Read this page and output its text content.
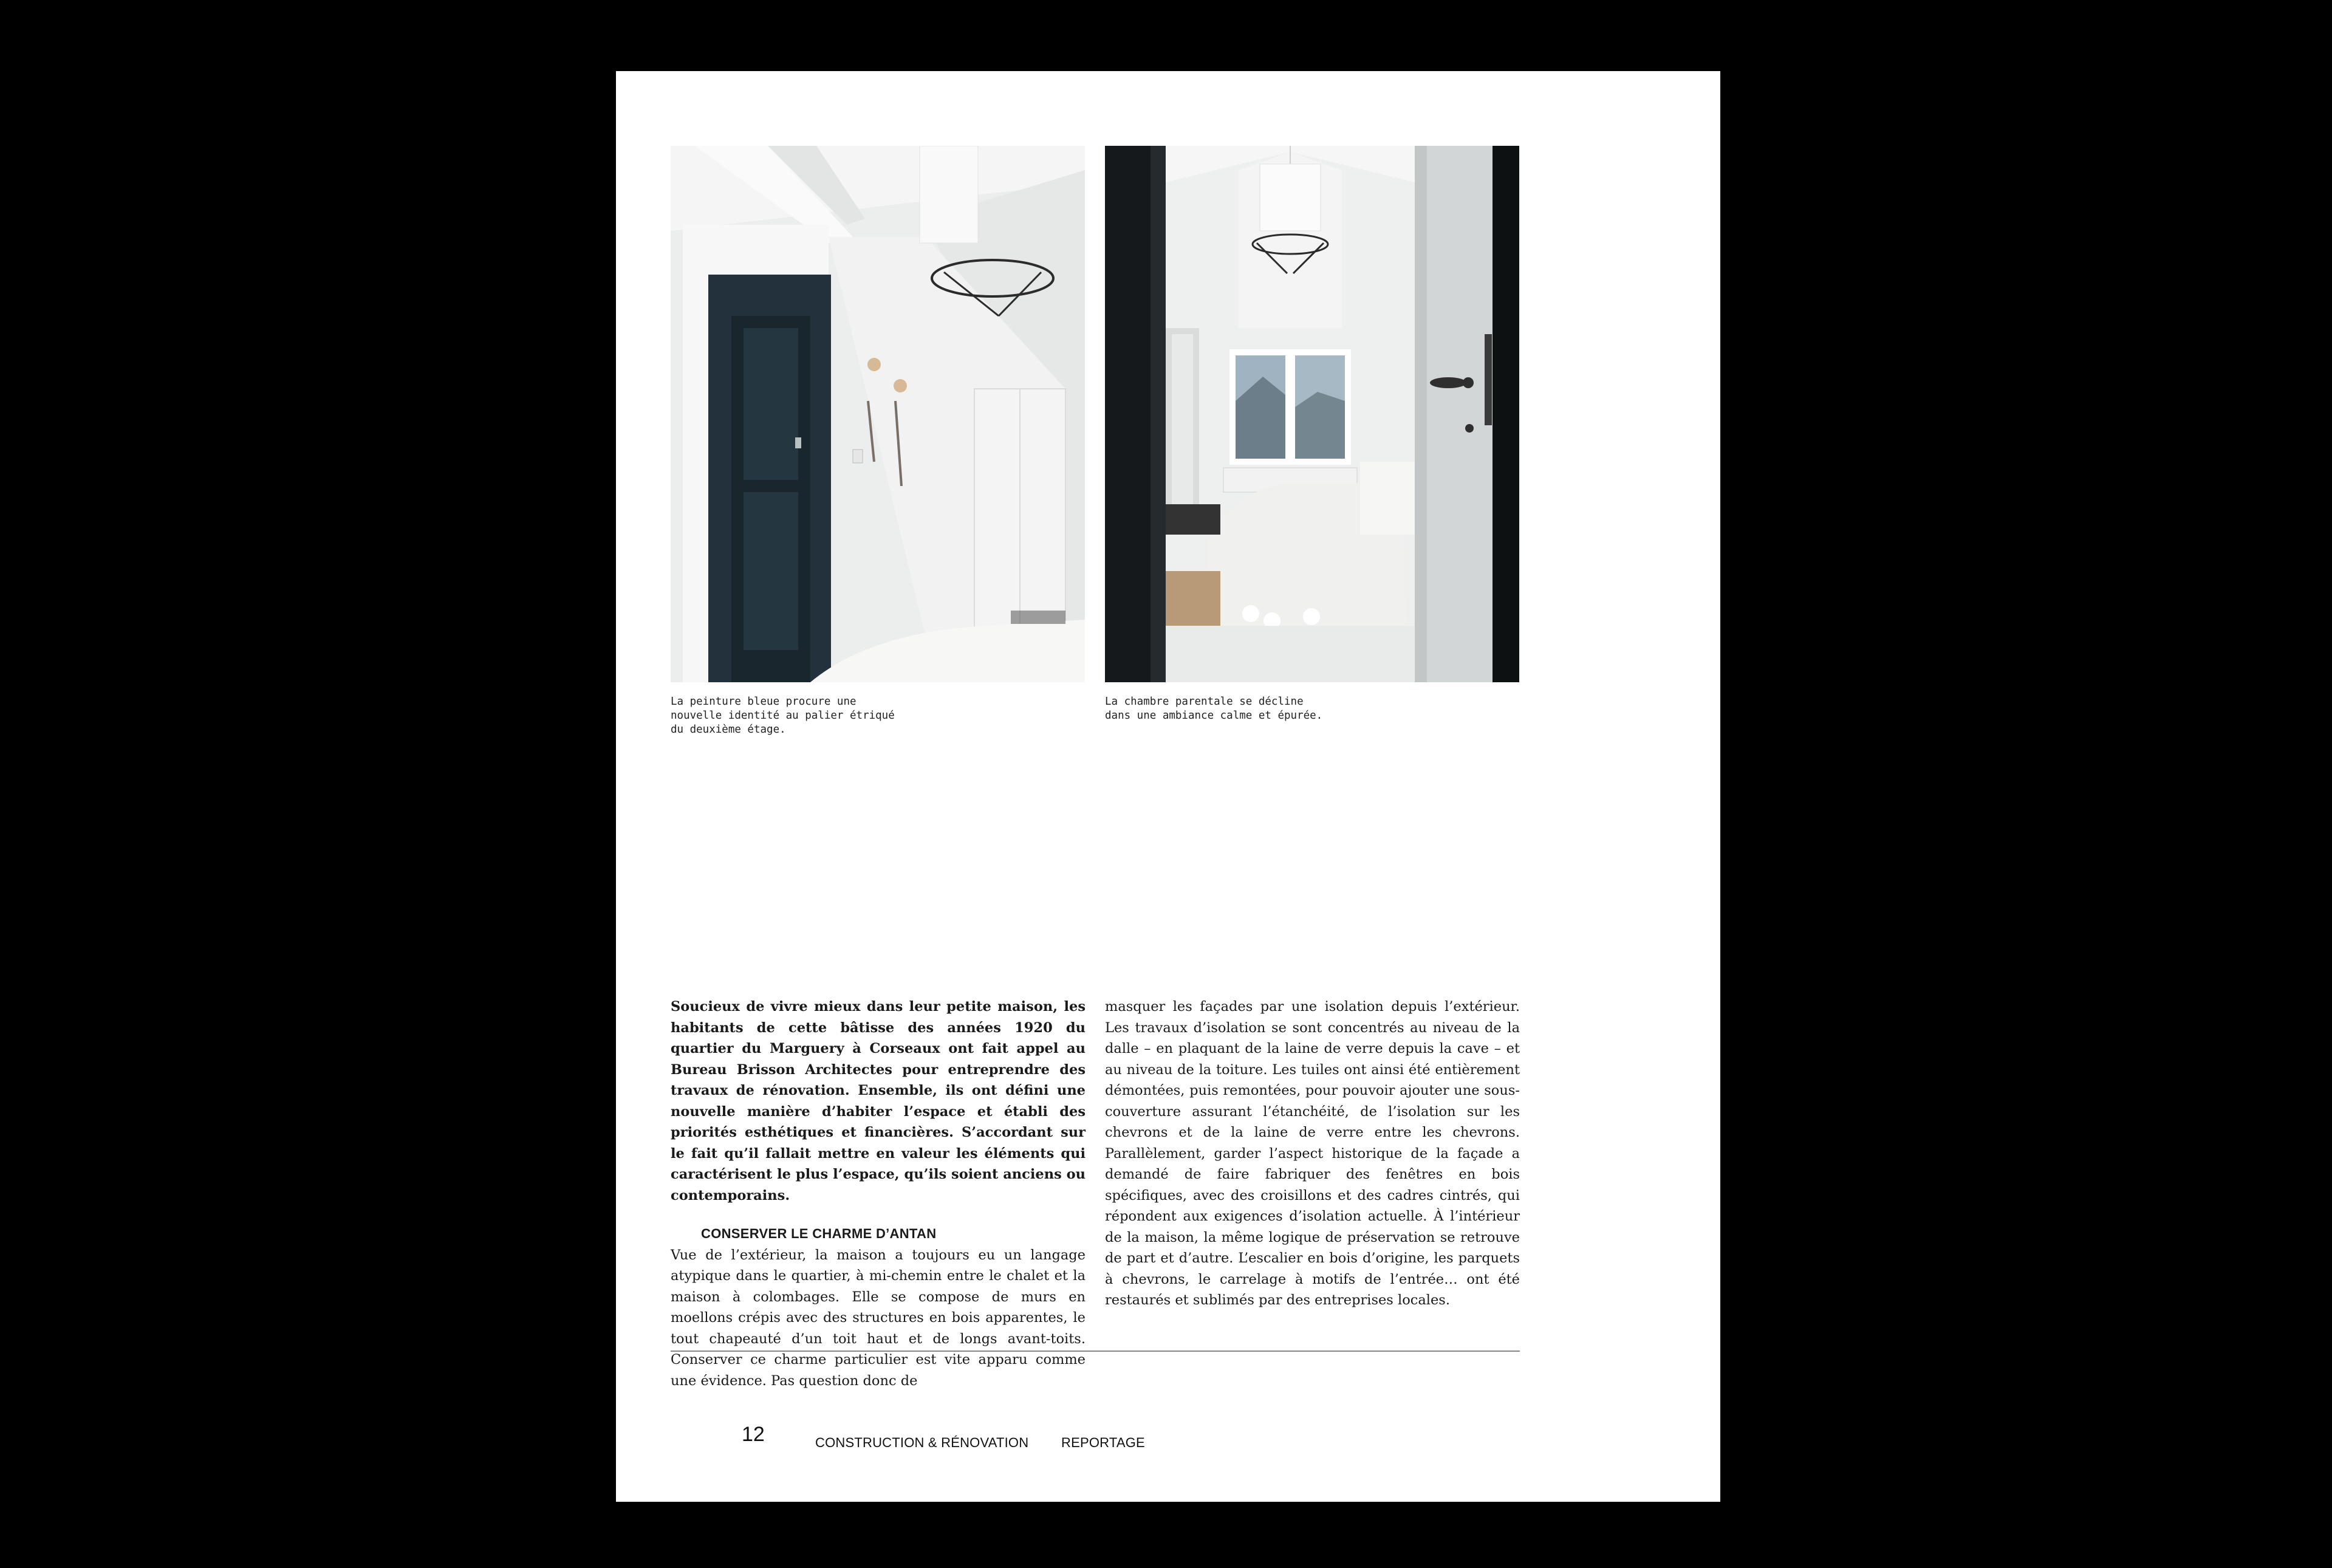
La peinture bleue procure une
nouvelle identité au palier étriqué
du deuxième étage.

La chambre parentale se décline
dans une ambiance calme et épurée.

Soucieux de vivre mieux dans leur petite maison, les habitants de cette bâtisse des années 1920 du quartier du Marguery à Corseaux ont fait appel au Bureau Brisson Architectes pour entreprendre des travaux de rénovation. Ensemble, ils ont défini une nouvelle manière d’habiter l’espace et établi des priorités esthétiques et financières. S’accordant sur le fait qu’il fallait mettre en valeur les éléments qui caractérisent le plus l’espace, qu’ils soient anciens ou contemporains.

CONSERVER LE CHARME D’ANTAN

Vue de l’extérieur, la maison a toujours eu un langage atypique dans le quartier, à mi-chemin entre le chalet et la maison à colombages. Elle se compose de murs en moellons crépis avec des structures en bois apparentes, le tout chapeauté d’un toit haut et de longs avant-toits. Conserver ce charme particulier est vite apparu comme une évidence. Pas question donc de

masquer les façades par une isolation depuis l’extérieur. Les travaux d’isolation se sont concentrés au niveau de la dalle – en plaquant de la laine de verre depuis la cave – et au niveau de la toiture. Les tuiles ont ainsi été entièrement démontées, puis remontées, pour pouvoir ajouter une sous-couverture assurant l’étanchéité, de l’isolation sur les chevrons et de la laine de verre entre les chevrons. Parallèlement, garder l’aspect historique de la façade a demandé de faire fabriquer des fenêtres en bois spécifiques, avec des croisillons et des cadres cintrés, qui répondent aux exigences d’isolation actuelle. À l’intérieur de la maison, la même logique de préservation se retrouve de part et d’autre. L’escalier en bois d’origine, les parquets à chevrons, le carrelage à motifs de l’entrée… ont été restaurés et sublimés par des entreprises locales.

12	CONSTRUCTION & RÉNOVATION REPORTAGE
